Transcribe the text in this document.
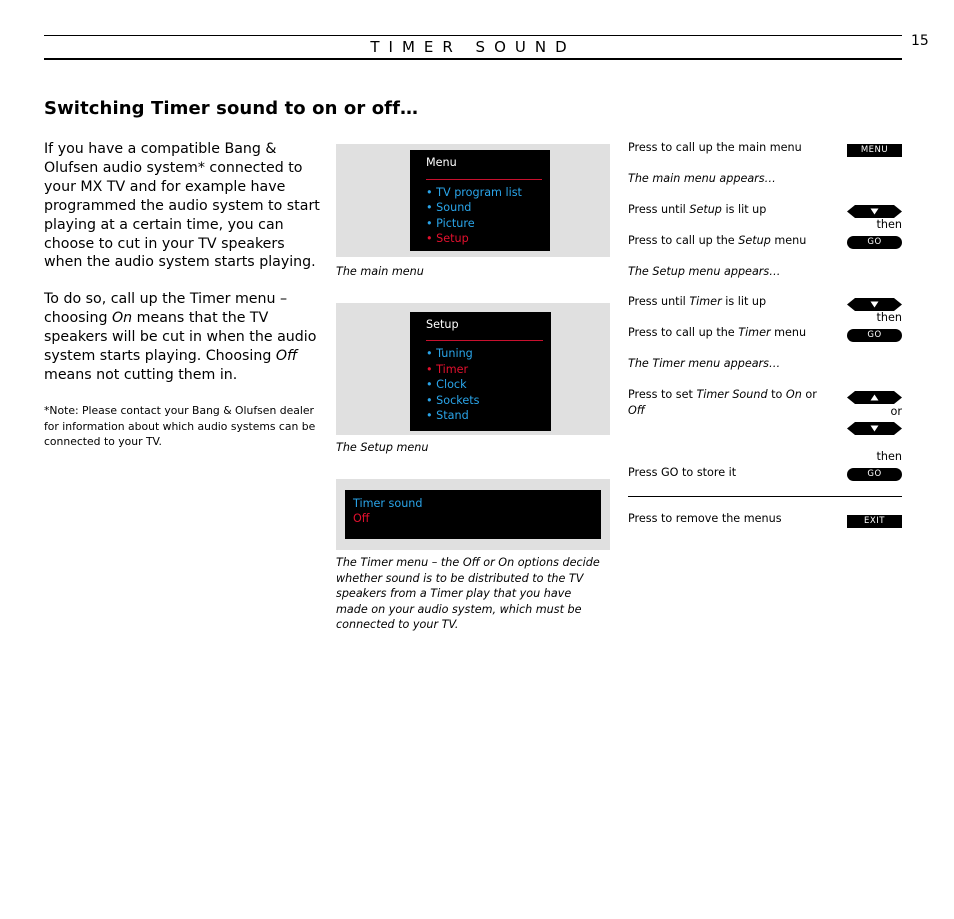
TIMER SOUND	15
Switching Timer sound to on or off…

If you have a compatible Bang & Olufsen audio system* connected to your MX TV and for example have programmed the audio system to start playing at a certain time, you can choose to cut in your TV speakers when the audio system starts playing.

To do so, call up the Timer menu – choosing On means that the TV speakers will be cut in when the audio system starts playing. Choosing Off means not cutting them in.

*Note: Please contact your Bang & Olufsen dealer for information about which audio systems can be connected to your TV.
Menu
• TV program list
• Sound
• Picture
• Setup
The main menu
Setup
• Tuning
• Timer
• Clock
• Sockets
• Stand
The Setup menu
Timer sound
Off
The Timer menu – the Off or On options decide whether sound is to be distributed to the TV speakers from a Timer play that you have made on your audio system, which must be connected to your TV.
Press to call up the main menu	MENU
The main menu appears…
Press until Setup is lit up
then
Press to call up the Setup menu	GO
The Setup menu appears…
Press until Timer is lit up
then
Press to call up the Timer menu	GO
The Timer menu appears…
Press to set Timer Sound to On or Off	or
then
Press GO to store it	GO
Press to remove the menus	EXIT
